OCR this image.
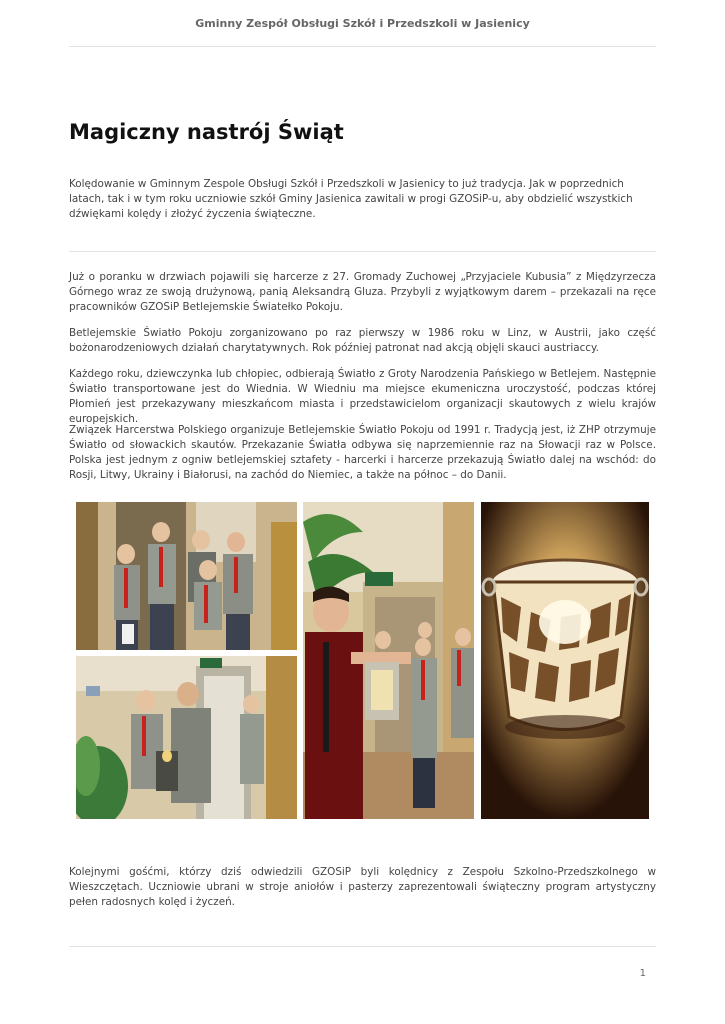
Gminny Zespół Obsługi Szkół i Przedszkoli w Jasienicy
Magiczny nastrój Świąt

Kolędowanie w Gminnym Zespole Obsługi Szkół i Przedszkoli w Jasienicy to już tradycja. Jak w poprzednich latach, tak i w tym roku uczniowie szkół Gminy Jasienica zawitali w progi GZOSiP-u, aby obdzielić wszystkich dźwiękami kolędy i złożyć życzenia świąteczne.

Już o poranku w drzwiach pojawili się harcerze z 27. Gromady Zuchowej „Przyjaciele Kubusia” z Międzyrzecza Górnego wraz ze swoją drużynową, panią Aleksandrą Gluza. Przybyli z wyjątkowym darem – przekazali na ręce pracowników GZOSiP Betlejemskie Światełko Pokoju.

Betlejemskie Światło Pokoju zorganizowano po raz pierwszy w 1986 roku w Linz, w Austrii, jako część bożonarodzeniowych działań charytatywnych. Rok później patronat nad akcją objęli skauci austriaccy.

Każdego roku, dziewczynka lub chłopiec, odbierają Światło z Groty Narodzenia Pańskiego w Betlejem. Następnie Światło transportowane jest do Wiednia. W Wiedniu ma miejsce ekumeniczna uroczystość, podczas której Płomień jest przekazywany mieszkańcom miasta i przedstawicielom organizacji skautowych z wielu krajów europejskich.

Związek Harcerstwa Polskiego organizuje Betlejemskie Światło Pokoju od 1991 r. Tradycją jest, iż ZHP otrzymuje Światło od słowackich skautów. Przekazanie Światła odbywa się naprzemiennie raz na Słowacji raz w Polsce. Polska jest jednym z ogniw betlejemskiej sztafety - harcerki i harcerze przekazują Światło dalej na wschód: do Rosji, Litwy, Ukrainy i Białorusi, na zachód do Niemiec, a także na północ – do Danii.

Kolejnymi gośćmi, którzy dziś odwiedzili GZOSiP byli kolędnicy z Zespołu Szkolno-Przedszkolnego w Wieszczętach. Uczniowie ubrani w stroje aniołów i pasterzy zaprezentowali świąteczny program artystyczny pełen radosnych kolęd i życzeń.

1
